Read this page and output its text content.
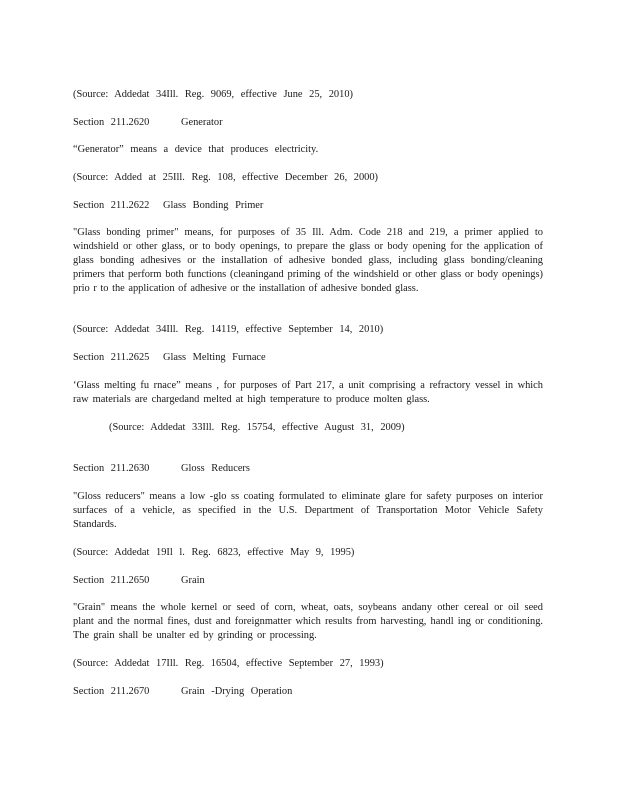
(Source: Addedat 34Ill. Reg. 9069, effective June 25, 2010)

Section 211.2620	Generator

“Generator” means a device that produces electricity.

(Source: Added at 25Ill. Reg. 108, effective December 26, 2000)

Section 211.2622 Glass Bonding Primer

"Glass bonding primer" means, for purposes of 35 Ill. Adm. Code 218 and 219, a primer applied to windshield or other glass, or to body openings, to prepare the glass or body opening for the application of glass bonding adhesives or the installation of adhesive bonded glass, including glass bonding/cleaning primers that perform both functions (cleaningand priming of the windshield or other glass or body openings) prio r to the application of adhesive or the installation of adhesive bonded glass.

(Source: Addedat 34Ill. Reg. 14119, effective September 14, 2010)

Section 211.2625 Glass Melting Furnace

‘Glass melting fu rnace” means , for purposes of Part 217, a unit comprising a refractory vessel in which raw materials are chargedand melted at high temperature to produce molten glass.

(Source: Addedat 33Ill. Reg. 15754, effective August 31, 2009)

Section 211.2630	Gloss Reducers

"Gloss reducers" means a low -glo ss coating formulated to eliminate glare for safety purposes on interior surfaces of a vehicle, as specified in the U.S. Department of Transportation Motor Vehicle Safety Standards.

(Source: Addedat 19Il l. Reg. 6823, effective May 9, 1995)

Section 211.2650	Grain

"Grain" means the whole kernel or seed of corn, wheat, oats, soybeans andany other cereal or oil seed plant and the normal fines, dust and foreignmatter which results from harvesting, handl ing or conditioning. The grain shall be unalter ed by grinding or processing.

(Source: Addedat 17Ill. Reg. 16504, effective September 27, 1993)

Section 211.2670	Grain -Drying Operation
